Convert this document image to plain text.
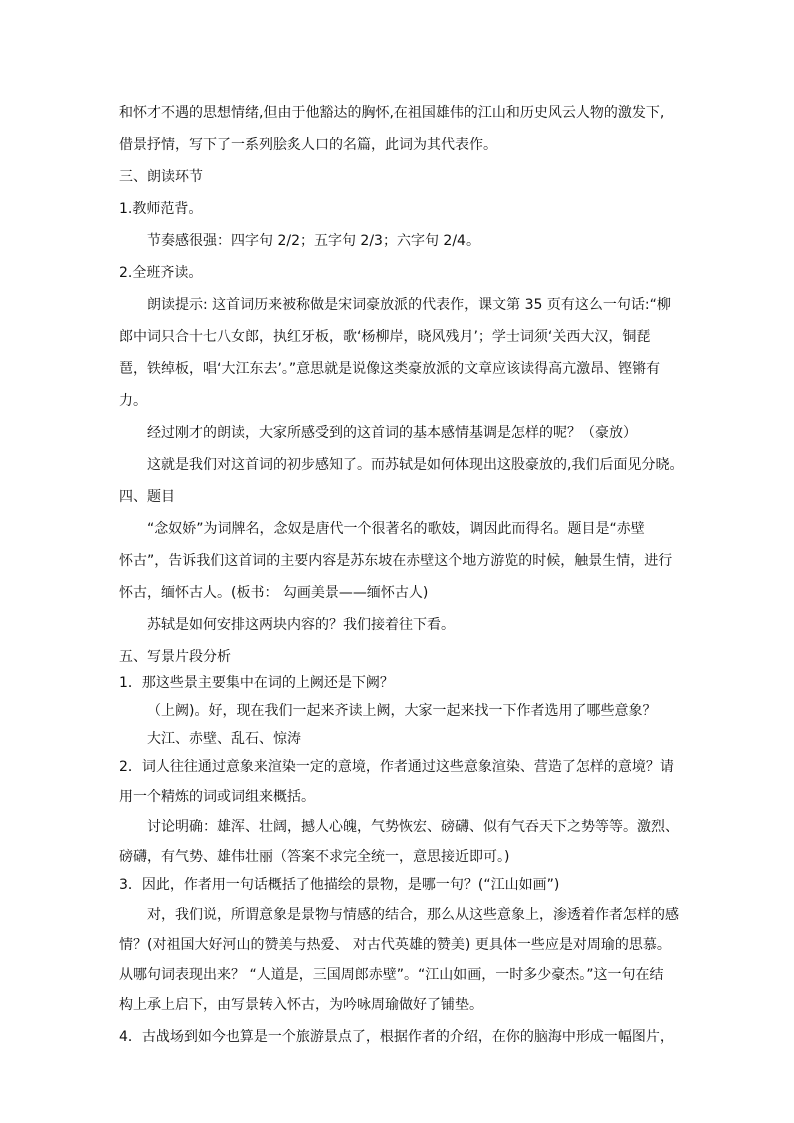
和怀才不遇的思想情绪,但由于他豁达的胸怀,在祖国雄伟的江山和历史风云人物的激发下,
借景抒情，写下了一系列脍炙人口的名篇，此词为其代表作。
三、朗读环节
1.教师范背。
节奏感很强：四字句 2/2；五字句 2/3；六字句 2/4。
2.全班齐读。
朗读提示: 这首词历来被称做是宋词豪放派的代表作，课文第 35 页有这么一句话:“柳
郎中词只合十七八女郎，执红牙板，歌‘杨柳岸，晓风残月’；学士词须‘关西大汉，铜琵
琶，铁绰板，唱‘大江东去’。”意思就是说像这类豪放派的文章应该读得高亢激昂、铿锵有
力。
经过刚才的朗读，大家所感受到的这首词的基本感情基调是怎样的呢？（豪放）
这就是我们对这首词的初步感知了。而苏轼是如何体现出这股豪放的,我们后面见分晓。
四、题目
“念奴娇”为词牌名，念奴是唐代一个很著名的歌妓，调因此而得名。题目是“赤壁
怀古”，告诉我们这首词的主要内容是苏东坡在赤壁这个地方游览的时候，触景生情，进行
怀古，缅怀古人。(板书： 勾画美景——缅怀古人)
苏轼是如何安排这两块内容的？我们接着往下看。
五、写景片段分析
1．那这些景主要集中在词的上阙还是下阙？
（上阙)。好，现在我们一起来齐读上阙，大家一起来找一下作者选用了哪些意象？
大江、赤壁、乱石、惊涛
2．词人往往通过意象来渲染一定的意境，作者通过这些意象渲染、营造了怎样的意境？请
用一个精炼的词或词组来概括。
讨论明确：雄浑、壮阔，撼人心魄，气势恢宏、磅礴、似有气吞天下之势等等。激烈、
磅礴，有气势、雄伟壮丽（答案不求完全统一，意思接近即可。)
3．因此，作者用一句话概括了他描绘的景物，是哪一句？(“江山如画”)
对，我们说，所谓意象是景物与情感的结合，那么从这些意象上，渗透着作者怎样的感
情？(对祖国大好河山的赞美与热爱、 对古代英雄的赞美) 更具体一些应是对周瑜的思慕。
从哪句词表现出来？ “人道是，三国周郎赤壁”。“江山如画，一时多少豪杰。”这一句在结
构上承上启下，由写景转入怀古，为吟咏周瑜做好了铺垫。
4．古战场到如今也算是一个旅游景点了，根据作者的介绍，在你的脑海中形成一幅图片，
